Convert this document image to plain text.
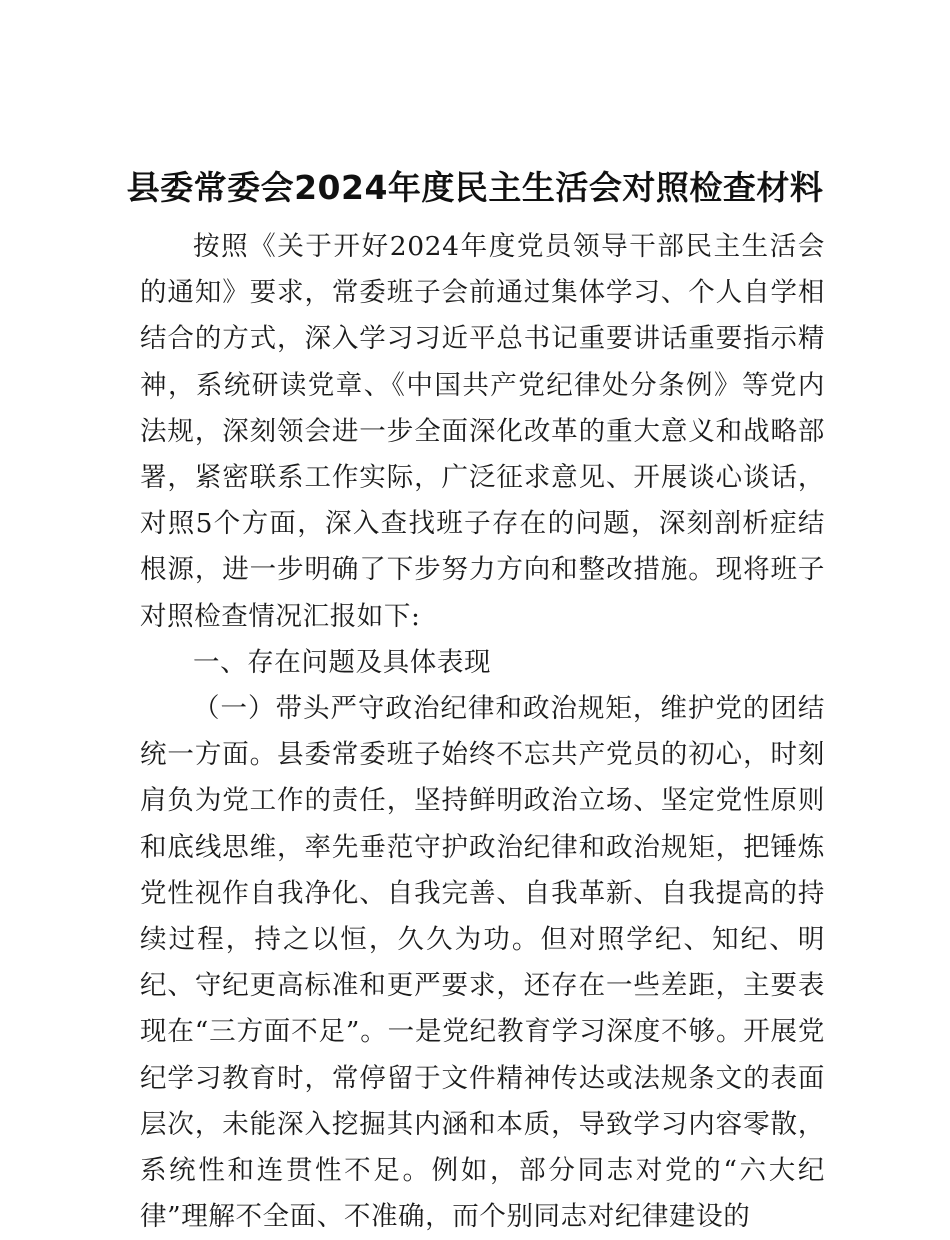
县委常委会2024年度民主生活会对照检查材料

按照《关于开好2024年度党员领导干部民主生活会的通知》要求，常委班子会前通过集体学习、个人自学相结合的方式，深入学习习近平总书记重要讲话重要指示精神，系统研读党章、《中国共产党纪律处分条例》等党内法规，深刻领会进一步全面深化改革的重大意义和战略部署，紧密联系工作实际，广泛征求意见、开展谈心谈话，对照5个方面，深入查找班子存在的问题，深刻剖析症结根源，进一步明确了下步努力方向和整改措施。现将班子对照检查情况汇报如下:

一、存在问题及具体表现

（一）带头严守政治纪律和政治规矩，维护党的团结统一方面。县委常委班子始终不忘共产党员的初心，时刻肩负为党工作的责任，坚持鲜明政治立场、坚定党性原则和底线思维，率先垂范守护政治纪律和政治规矩，把锤炼党性视作自我净化、自我完善、自我革新、自我提高的持续过程，持之以恒，久久为功。但对照学纪、知纪、明纪、守纪更高标准和更严要求，还存在一些差距，主要表现在“三方面不足”。一是党纪教育学习深度不够。开展党纪学习教育时，常停留于文件精神传达或法规条文的表面层次，未能深入挖掘其内涵和本质，导致学习内容零散，系统性和连贯性不足。例如，部分同志对党的“六大纪律”理解不全面、不准确，而个别同志对纪律建设的
